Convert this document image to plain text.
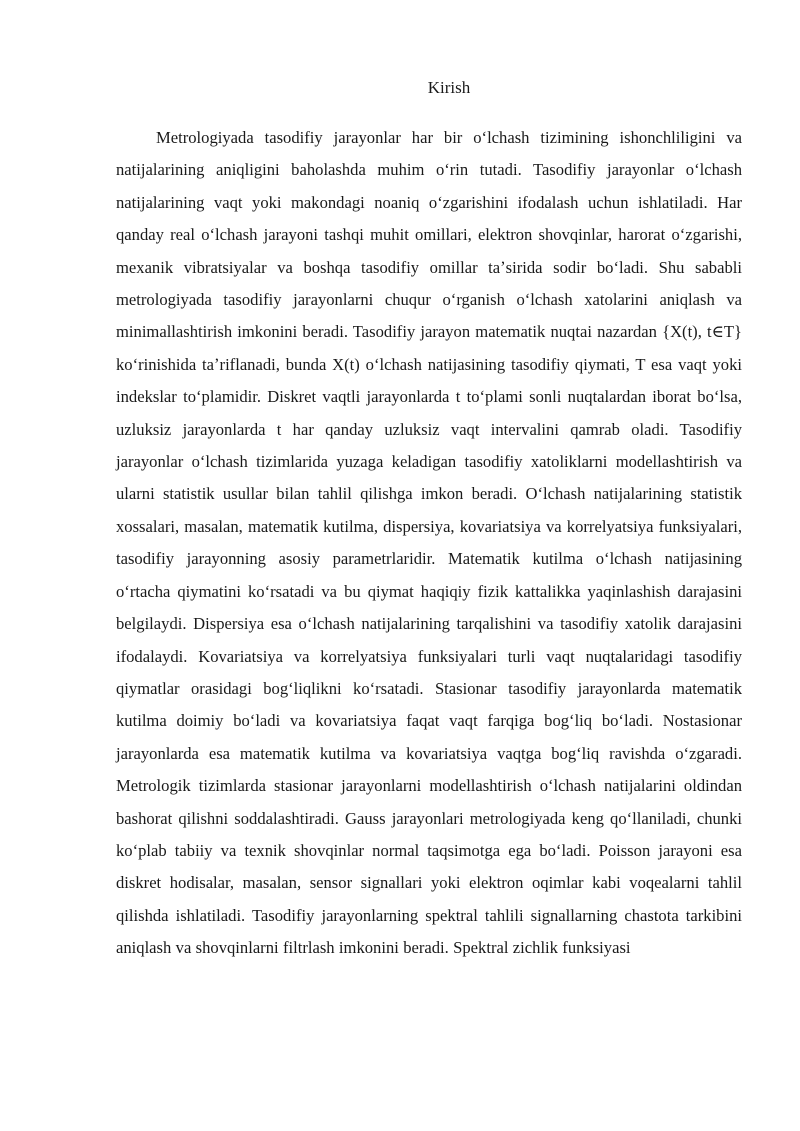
Kirish

Metrologiyada tasodifiy jarayonlar har bir oʻlchash tizimining ishonchliligini va natijalarining aniqligini baholashda muhim oʻrin tutadi. Tasodifiy jarayonlar oʻlchash natijalarining vaqt yoki makondagi noaniq oʻzgarishini ifodalash uchun ishlatiladi. Har qanday real oʻlchash jarayoni tashqi muhit omillari, elektron shovqinlar, harorat oʻzgarishi, mexanik vibratsiyalar va boshqa tasodifiy omillar taʼsirida sodir boʻladi. Shu sababli metrologiyada tasodifiy jarayonlarni chuqur oʻrganish oʻlchash xatolarini aniqlash va minimallashtirish imkonini beradi. Tasodifiy jarayon matematik nuqtai nazardan {X(t), t∈T} koʻrinishida taʼriflanadi, bunda X(t) oʻlchash natijasining tasodifiy qiymati, T esa vaqt yoki indekslar toʻplamidir. Diskret vaqtli jarayonlarda t toʻplami sonli nuqtalardan iborat boʻlsa, uzluksiz jarayonlarda t har qanday uzluksiz vaqt intervalini qamrab oladi. Tasodifiy jarayonlar oʻlchash tizimlarida yuzaga keladigan tasodifiy xatoliklarni modellashtirish va ularni statistik usullar bilan tahlil qilishga imkon beradi. Oʻlchash natijalarining statistik xossalari, masalan, matematik kutilma, dispersiya, kovariatsiya va korrelyatsiya funksiyalari, tasodifiy jarayonning asosiy parametrlaridir. Matematik kutilma oʻlchash natijasining oʻrtacha qiymatini koʻrsatadi va bu qiymat haqiqiy fizik kattalikka yaqinlashish darajasini belgilaydi. Dispersiya esa oʻlchash natijalarining tarqalishini va tasodifiy xatolik darajasini ifodalaydi. Kovariatsiya va korrelyatsiya funksiyalari turli vaqt nuqtalaridagi tasodifiy qiymatlar orasidagi bogʻliqlikni koʻrsatadi. Stasionar tasodifiy jarayonlarda matematik kutilma doimiy boʻladi va kovariatsiya faqat vaqt farqiga bogʻliq boʻladi. Nostasionar jarayonlarda esa matematik kutilma va kovariatsiya vaqtga bogʻliq ravishda oʻzgaradi. Metrologik tizimlarda stasionar jarayonlarni modellashtirish oʻlchash natijalarini oldindan bashorat qilishni soddalashtiradi. Gauss jarayonlari metrologiyada keng qoʻllaniladi, chunki koʻplab tabiiy va texnik shovqinlar normal taqsimotga ega boʻladi. Poisson jarayoni esa diskret hodisalar, masalan, sensor signallari yoki elektron oqimlar kabi voqealarni tahlil qilishda ishlatiladi. Tasodifiy jarayonlarning spektral tahlili signallarning chastota tarkibini aniqlash va shovqinlarni filtrlash imkonini beradi. Spektral zichlik funksiyasi
